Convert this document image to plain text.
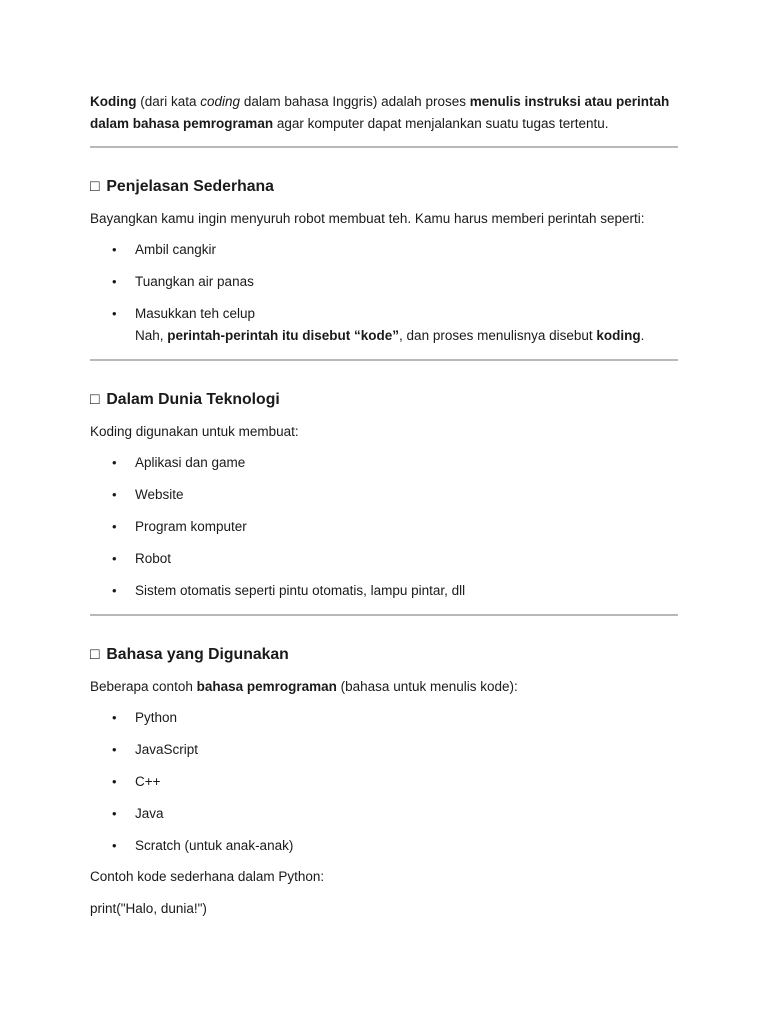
Koding (dari kata coding dalam bahasa Inggris) adalah proses menulis instruksi atau perintah dalam bahasa pemrograman agar komputer dapat menjalankan suatu tugas tertentu.

□ Penjelasan Sederhana

Bayangkan kamu ingin menyuruh robot membuat teh. Kamu harus memberi perintah seperti:

• Ambil cangkir
• Tuangkan air panas
• Masukkan teh celup
Nah, perintah-perintah itu disebut “kode”, dan proses menulisnya disebut koding.
□ Dalam Dunia Teknologi

Koding digunakan untuk membuat:

• Aplikasi dan game
• Website
• Program komputer
• Robot
• Sistem otomatis seperti pintu otomatis, lampu pintar, dll
□ Bahasa yang Digunakan

Beberapa contoh bahasa pemrograman (bahasa untuk menulis kode):

• Python
• JavaScript
• C++
• Java
• Scratch (untuk anak-anak)

Contoh kode sederhana dalam Python:

print("Halo, dunia!")
